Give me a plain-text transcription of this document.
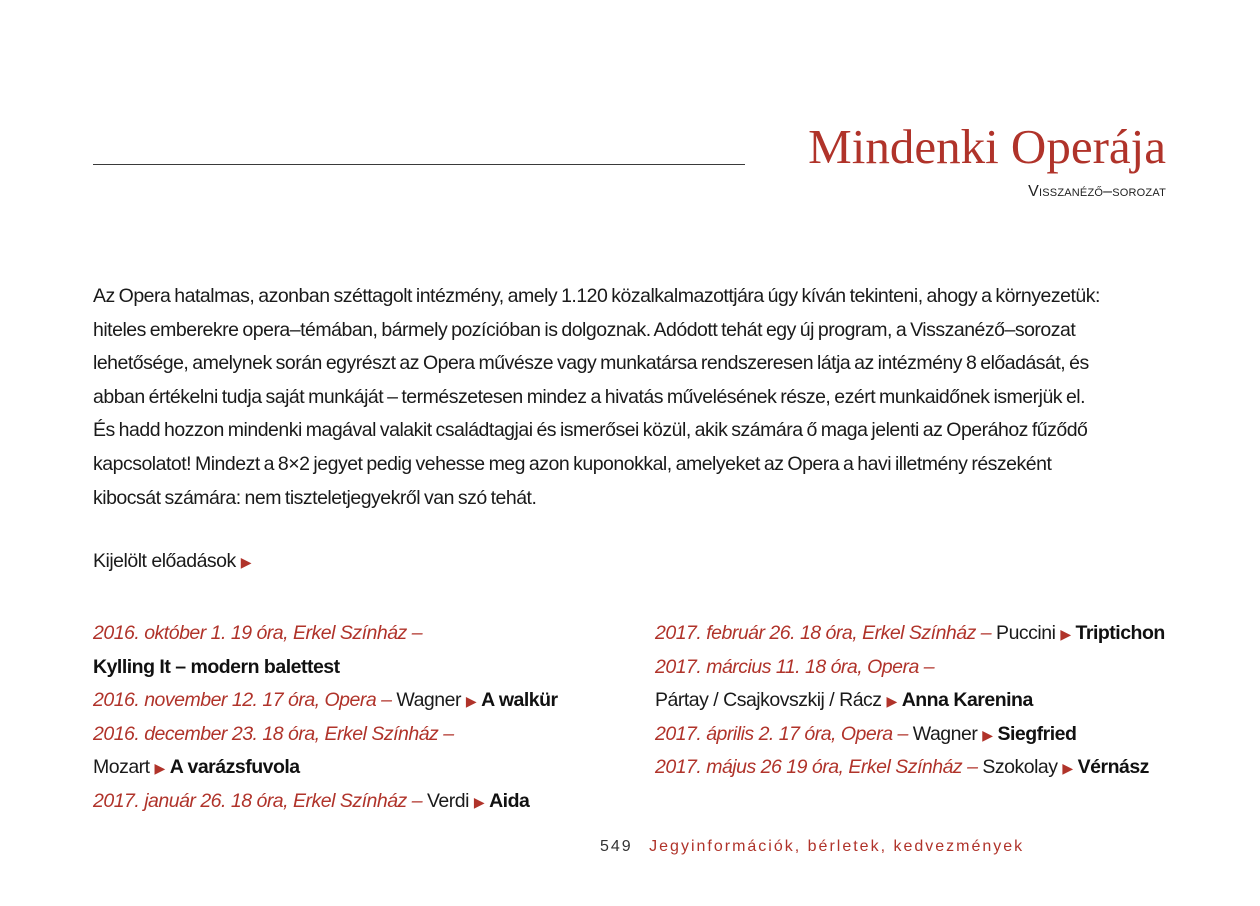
Mindenki Operája
Visszanéző–sorozat

Az Opera hatalmas, azonban széttagolt intézmény, amely 1.120 közalkalmazottjára úgy kíván tekinteni, ahogy a környezetük:
hiteles emberekre opera–témában, bármely pozícióban is dolgoznak. Adódott tehát egy új program, a Visszanéző–sorozat
lehetősége, amelynek során egyrészt az Opera művésze vagy munkatársa rendszeresen látja az intézmény 8 előadását, és
abban értékelni tudja saját munkáját – természetesen mindez a hivatás művelésének része, ezért munkaidőnek ismerjük el.
És hadd hozzon mindenki magával valakit családtagjai és ismerősei közül, akik számára ő maga jelenti az Operához fűződő
kapcsolatot! Mindezt a 8×2 jegyet pedig vehesse meg azon kuponokkal, amelyeket az Opera a havi illetmény részeként
kibocsát számára: nem tiszteletjegyekről van szó tehát.

Kijelölt előadások ▶
2016. október 1. 19 óra, Erkel Színház –
Kylling It – modern balettest
2016. november 12. 17 óra, Opera – Wagner ▶ A walkür
2016. december 23. 18 óra, Erkel Színház –
Mozart ▶ A varázsfuvola
2017. január 26. 18 óra, Erkel Színház – Verdi ▶ Aida
2017. február 26. 18 óra, Erkel Színház – Puccini ▶ Triptichon
2017. március 11. 18 óra, Opera –
Pártay / Csajkovszkij / Rácz ▶ Anna Karenina
2017. április 2. 17 óra, Opera – Wagner ▶ Siegfried
2017. május 26 19 óra, Erkel Színház – Szokolay ▶ Vérnász
549 Jegyinformációk, bérletek, kedvezmények
